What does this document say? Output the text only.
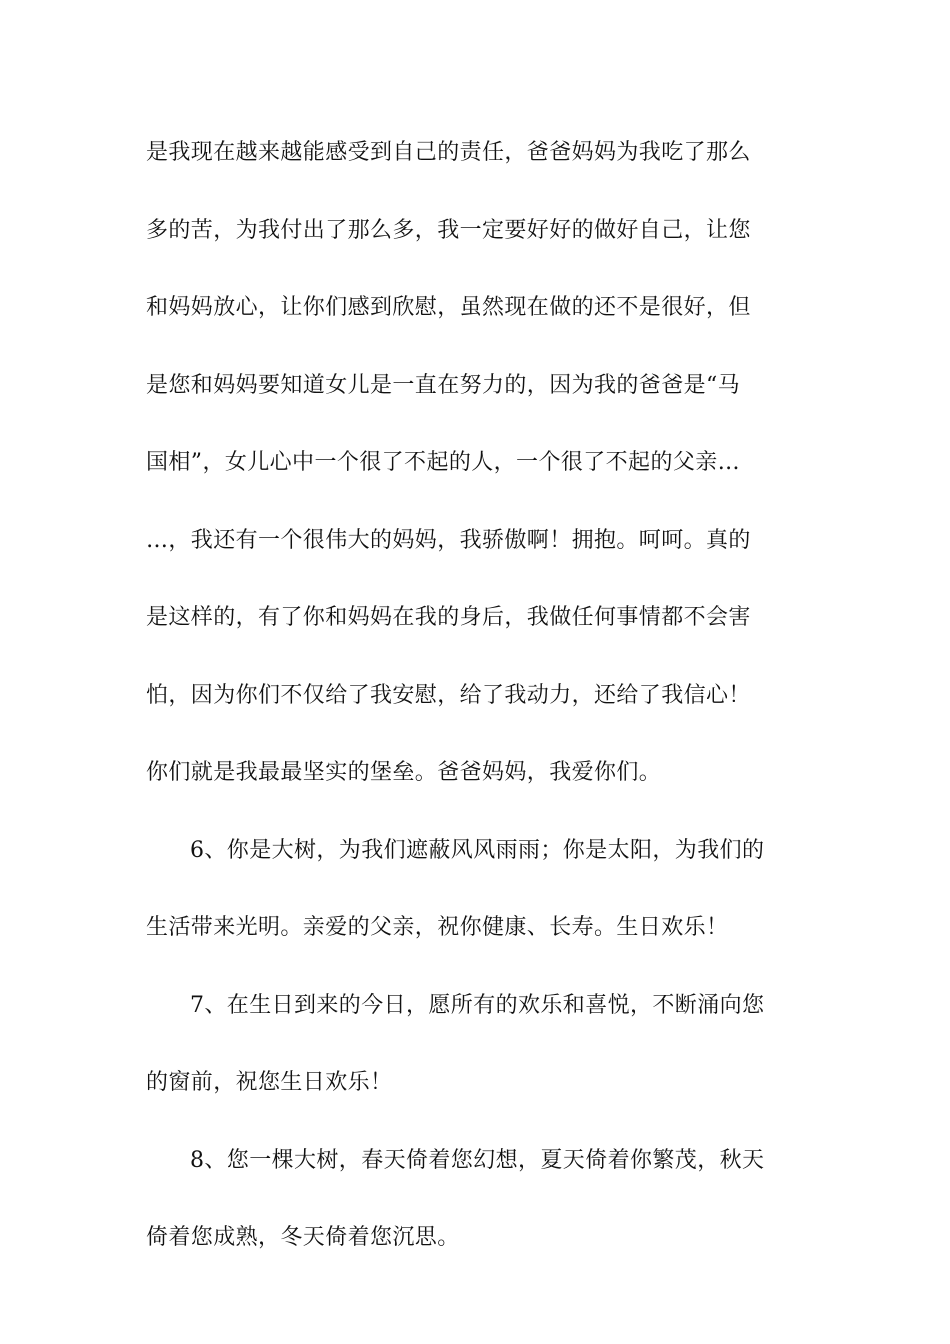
是我现在越来越能感受到自己的责任，爸爸妈妈为我吃了那么
多的苦，为我付出了那么多，我一定要好好的做好自己，让您
和妈妈放心，让你们感到欣慰，虽然现在做的还不是很好，但
是您和妈妈要知道女儿是一直在努力的，因为我的爸爸是“马
国相”，女儿心中一个很了不起的人，一个很了不起的父亲…
…，我还有一个很伟大的妈妈，我骄傲啊！拥抱。呵呵。真的
是这样的，有了你和妈妈在我的身后，我做任何事情都不会害
怕，因为你们不仅给了我安慰，给了我动力，还给了我信心！
你们就是我最最坚实的堡垒。爸爸妈妈，我爱你们。
6、你是大树，为我们遮蔽风风雨雨；你是太阳，为我们的
生活带来光明。亲爱的父亲，祝你健康、长寿。生日欢乐！
7、在生日到来的今日，愿所有的欢乐和喜悦，不断涌向您
的窗前，祝您生日欢乐！
8、您一棵大树，春天倚着您幻想，夏天倚着你繁茂，秋天
倚着您成熟，冬天倚着您沉思。
